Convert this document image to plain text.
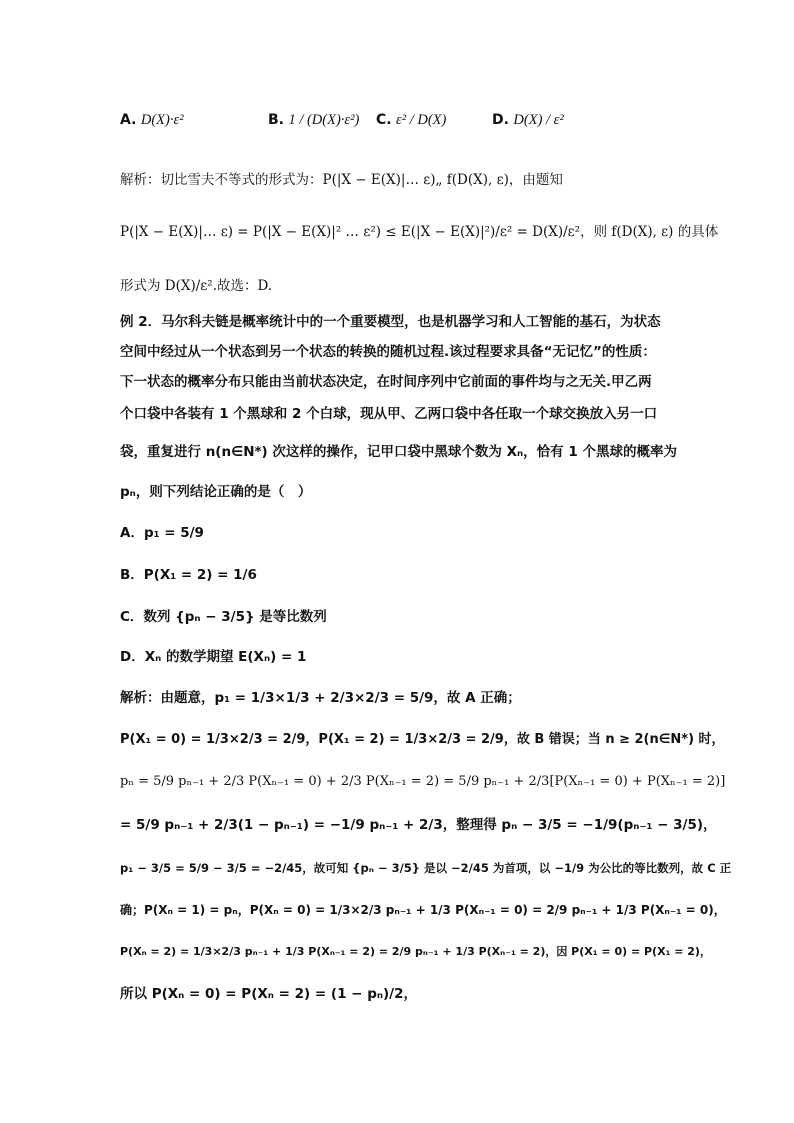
A. D(X)·ε²	B. 1 / (D(X)·ε²) C. ε² / D(X)	D. D(X) / ε²
解析：切比雪夫不等式的形式为：P(|X − E(X)|… ε)„ f(D(X), ε)，由题知
P(|X − E(X)|… ε) = P(|X − E(X)|² … ε²) ≤ E(|X − E(X)|²)/ε² = D(X)/ε²，则 f(D(X), ε) 的具体
形式为 D(X)/ε².故选：D.
例 2．马尔科夫链是概率统计中的一个重要模型，也是机器学习和人工智能的基石，为状态
空间中经过从一个状态到另一个状态的转换的随机过程.该过程要求具备“无记忆”的性质：
下一状态的概率分布只能由当前状态决定，在时间序列中它前面的事件均与之无关.甲乙两
个口袋中各装有 1 个黑球和 2 个白球，现从甲、乙两口袋中各任取一个球交换放入另一口
袋，重复进行 n(n∈N*) 次这样的操作，记甲口袋中黑球个数为 Xₙ，恰有 1 个黑球的概率为
pₙ，则下列结论正确的是（　）
A．p₁ = 5/9
B．P(X₁ = 2) = 1/6
C．数列 {pₙ − 3/5} 是等比数列
D．Xₙ 的数学期望 E(Xₙ) = 1
解析：由题意，p₁ = 1/3×1/3 + 2/3×2/3 = 5/9，故 A 正确；
P(X₁ = 0) = 1/3×2/3 = 2/9，P(X₁ = 2) = 1/3×2/3 = 2/9，故 B 错误；当 n ≥ 2(n∈N*) 时，
pₙ = 5/9 pₙ₋₁ + 2/3 P(Xₙ₋₁ = 0) + 2/3 P(Xₙ₋₁ = 2) = 5/9 pₙ₋₁ + 2/3[P(Xₙ₋₁ = 0) + P(Xₙ₋₁ = 2)]
= 5/9 pₙ₋₁ + 2/3(1 − pₙ₋₁) = −1/9 pₙ₋₁ + 2/3，整理得 pₙ − 3/5 = −1/9(pₙ₋₁ − 3/5)，
p₁ − 3/5 = 5/9 − 3/5 = −2/45，故可知 {pₙ − 3/5} 是以 −2/45 为首项，以 −1/9 为公比的等比数列，故 C 正
确；P(Xₙ = 1) = pₙ，P(Xₙ = 0) = 1/3×2/3 pₙ₋₁ + 1/3 P(Xₙ₋₁ = 0) = 2/9 pₙ₋₁ + 1/3 P(Xₙ₋₁ = 0)，
P(Xₙ = 2) = 1/3×2/3 pₙ₋₁ + 1/3 P(Xₙ₋₁ = 2) = 2/9 pₙ₋₁ + 1/3 P(Xₙ₋₁ = 2)，因 P(X₁ = 0) = P(X₁ = 2)，
所以 P(Xₙ = 0) = P(Xₙ = 2) = (1 − pₙ)/2，
